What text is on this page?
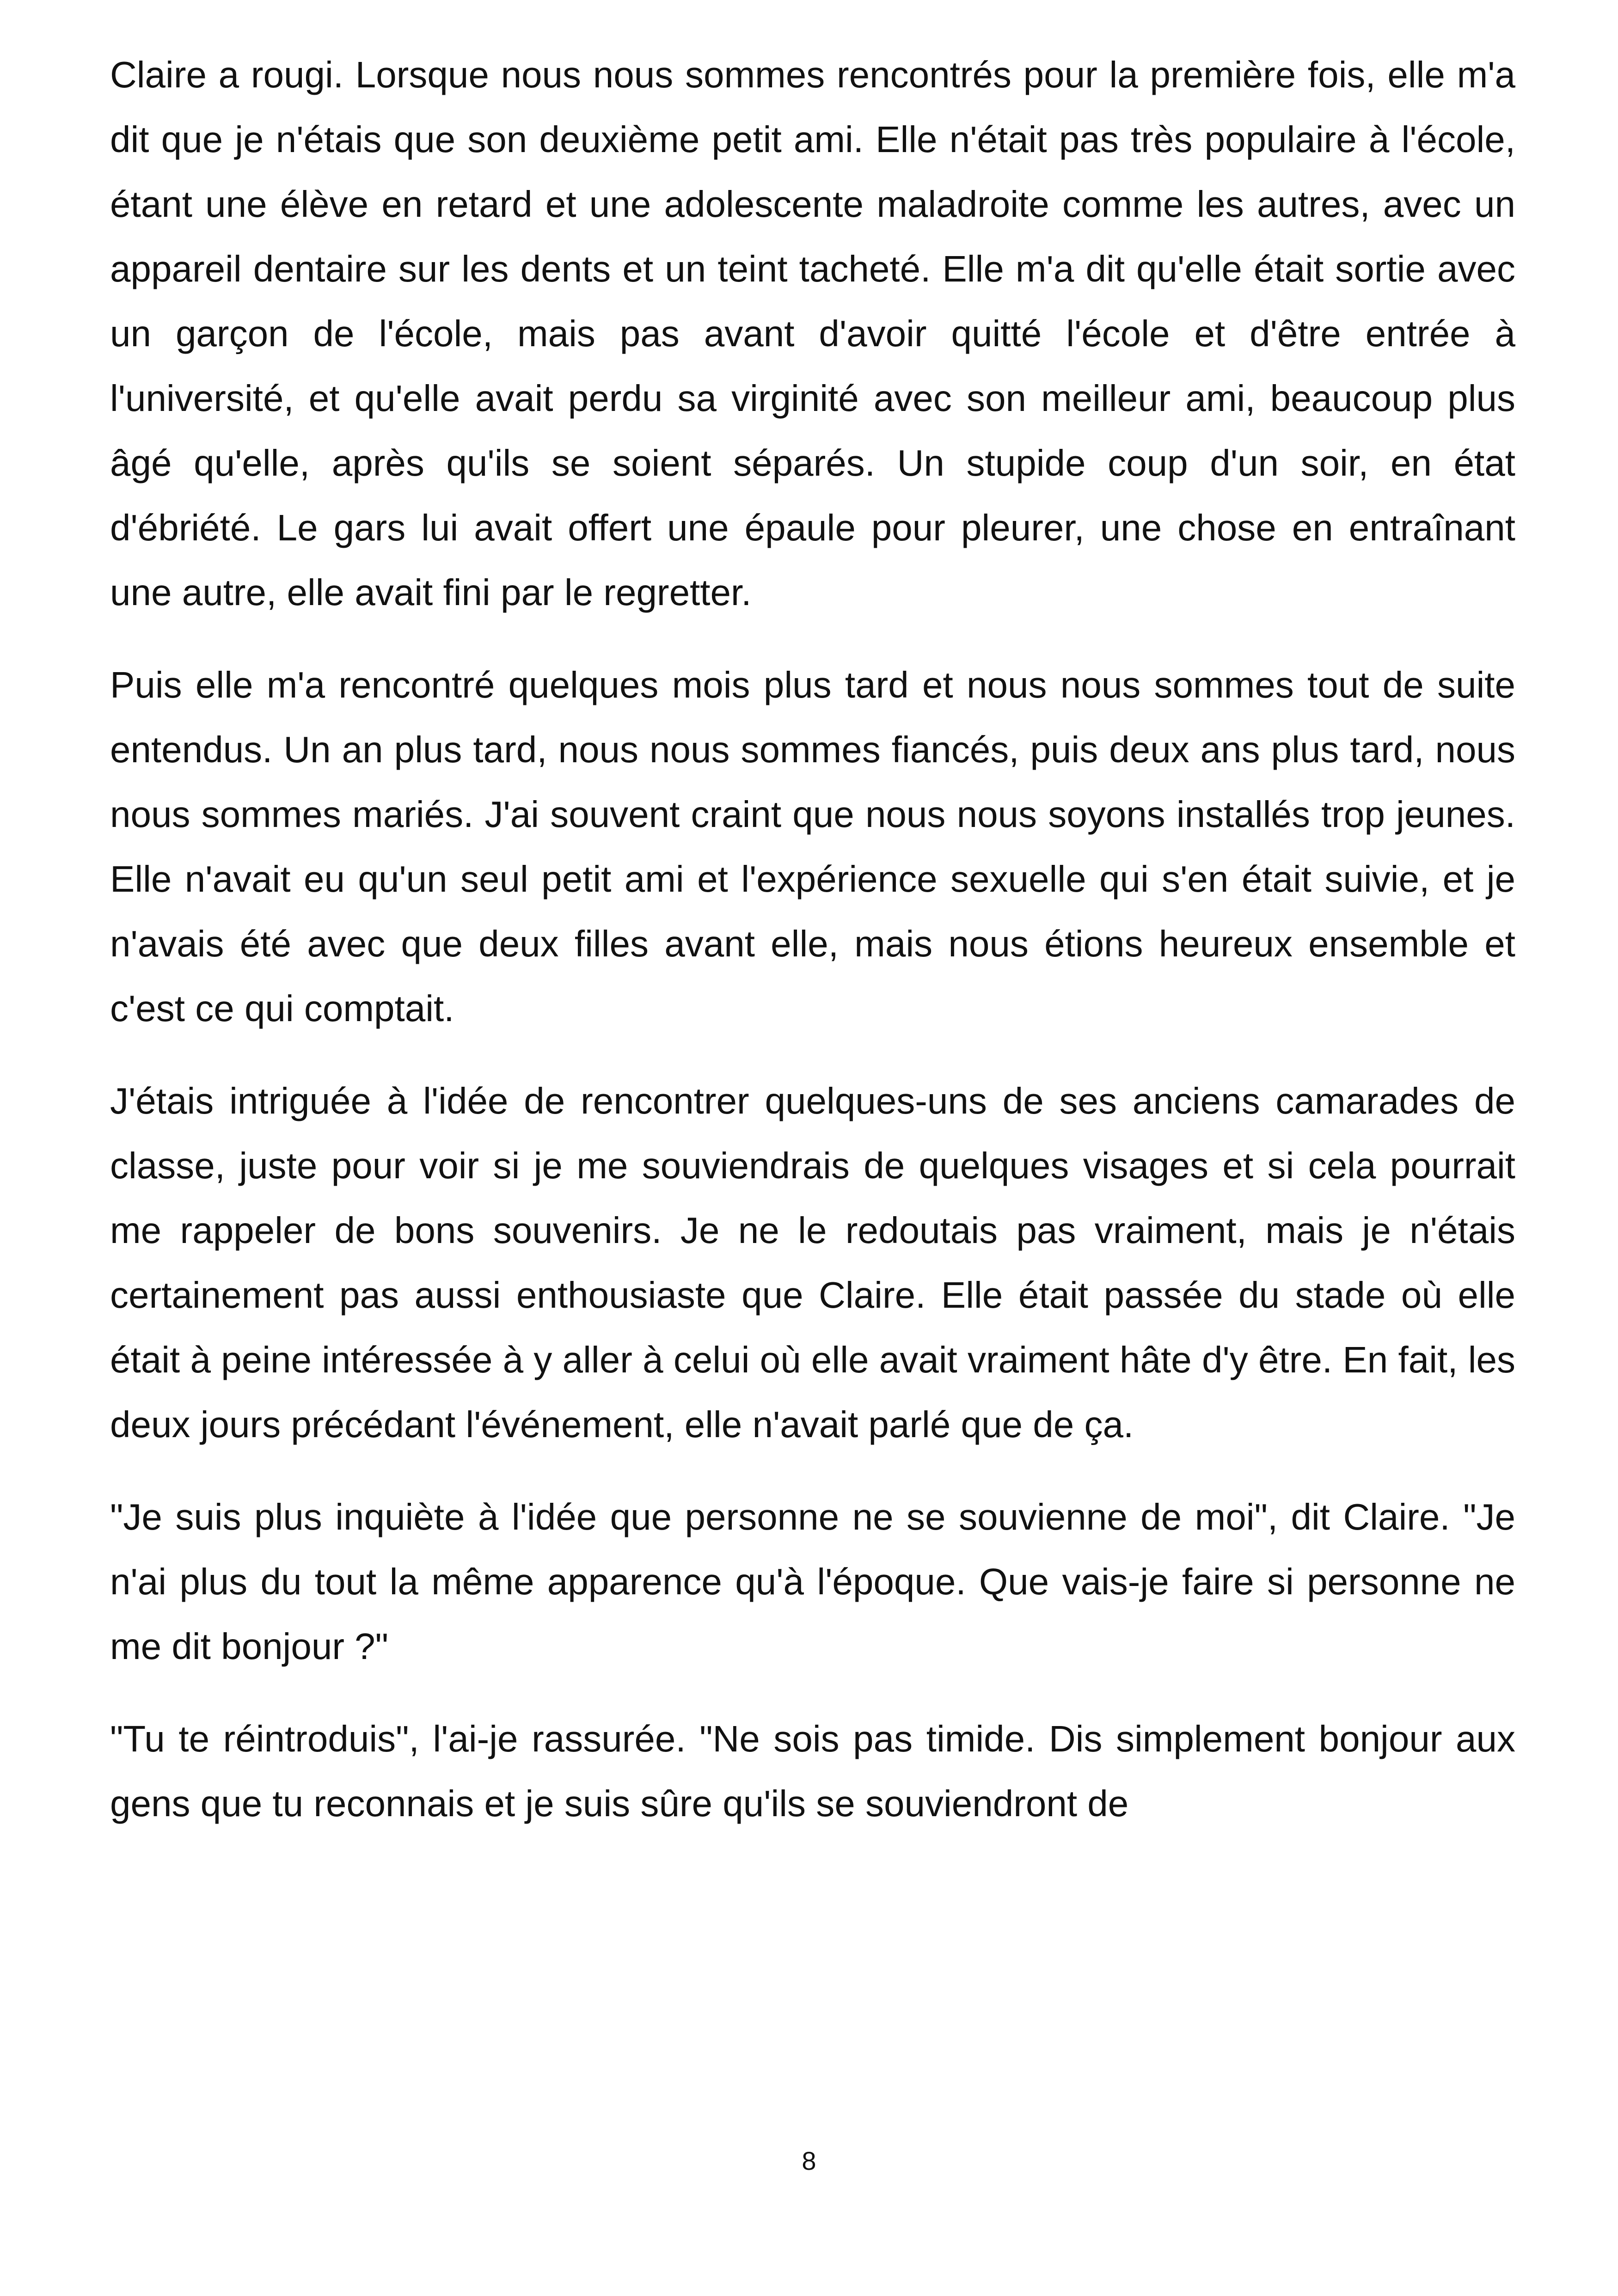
Claire a rougi. Lorsque nous nous sommes rencontrés pour la première fois, elle m'a dit que je n'étais que son deuxième petit ami. Elle n'était pas très populaire à l'école, étant une élève en retard et une adolescente maladroite comme les autres, avec un appareil dentaire sur les dents et un teint tacheté. Elle m'a dit qu'elle était sortie avec un garçon de l'école, mais pas avant d'avoir quitté l'école et d'être entrée à l'université, et qu'elle avait perdu sa virginité avec son meilleur ami, beaucoup plus âgé qu'elle, après qu'ils se soient séparés. Un stupide coup d'un soir, en état d'ébriété. Le gars lui avait offert une épaule pour pleurer, une chose en entraînant une autre, elle avait fini par le regretter.

Puis elle m'a rencontré quelques mois plus tard et nous nous sommes tout de suite entendus. Un an plus tard, nous nous sommes fiancés, puis deux ans plus tard, nous nous sommes mariés. J'ai souvent craint que nous nous soyons installés trop jeunes. Elle n'avait eu qu'un seul petit ami et l'expérience sexuelle qui s'en était suivie, et je n'avais été avec que deux filles avant elle, mais nous étions heureux ensemble et c'est ce qui comptait.

J'étais intriguée à l'idée de rencontrer quelques-uns de ses anciens camarades de classe, juste pour voir si je me souviendrais de quelques visages et si cela pourrait me rappeler de bons souvenirs. Je ne le redoutais pas vraiment, mais je n'étais certainement pas aussi enthousiaste que Claire. Elle était passée du stade où elle était à peine intéressée à y aller à celui où elle avait vraiment hâte d'y être. En fait, les deux jours précédant l'événement, elle n'avait parlé que de ça.

"Je suis plus inquiète à l'idée que personne ne se souvienne de moi", dit Claire. "Je n'ai plus du tout la même apparence qu'à l'époque. Que vais-je faire si personne ne me dit bonjour ?"

"Tu te réintroduis", l'ai-je rassurée. "Ne sois pas timide. Dis simplement bonjour aux gens que tu reconnais et je suis sûre qu'ils se souviendront de

8
